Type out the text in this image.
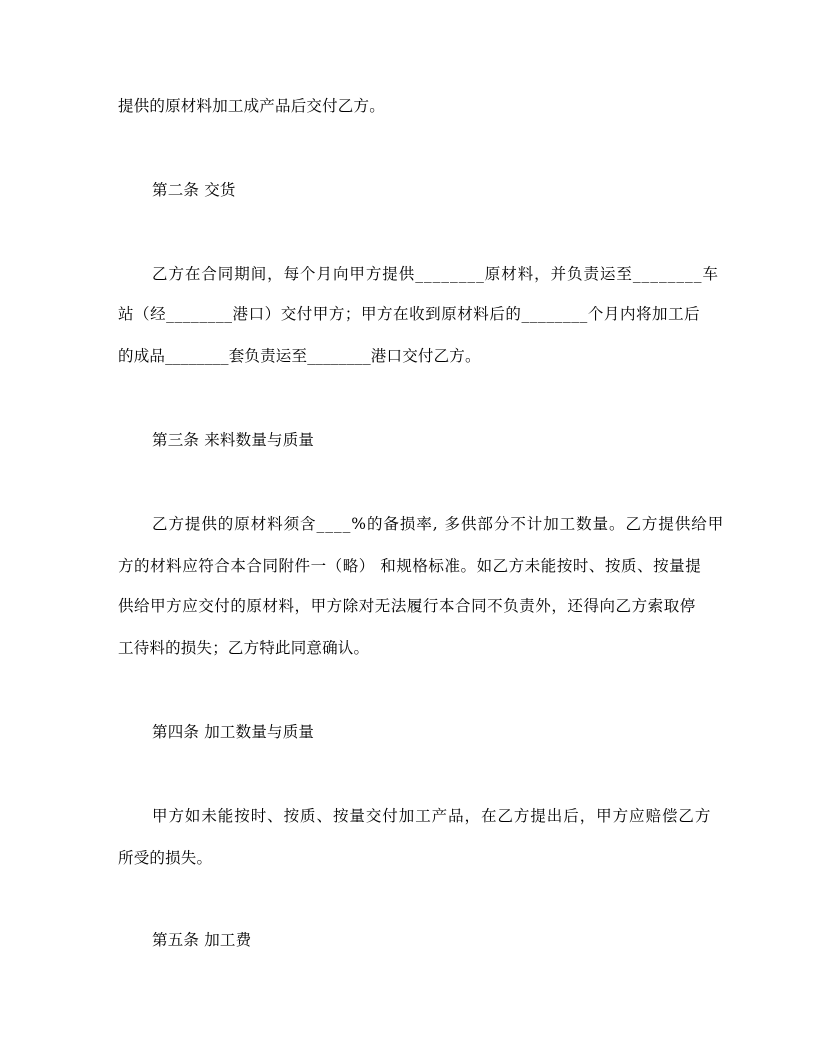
提供的原材料加工成产品后交付乙方。
第二条 交货
乙方在合同期间，每个月向甲方提供________原材料，并负责运至________车
站（经________港口）交付甲方；甲方在收到原材料后的________个月内将加工后
的成品________套负责运至________港口交付乙方。
第三条 来料数量与质量
乙方提供的原材料须含____%的备损率, 多供部分不计加工数量。乙方提供给甲
方的材料应符合本合同附件一（略） 和规格标准。如乙方未能按时、按质、按量提
供给甲方应交付的原材料，甲方除对无法履行本合同不负责外，还得向乙方索取停
工待料的损失；乙方特此同意确认。
第四条 加工数量与质量
甲方如未能按时、按质、按量交付加工产品，在乙方提出后，甲方应赔偿乙方
所受的损失。
第五条 加工费
